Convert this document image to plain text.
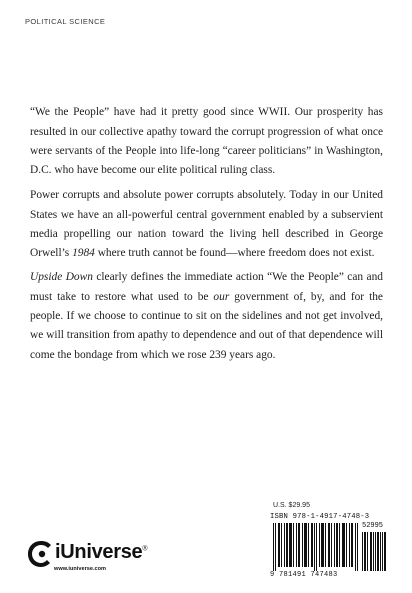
POLITICAL SCIENCE

“We the People” have had it pretty good since WWII. Our prosperity has resulted in our collective apathy toward the corrupt progression of what once were servants of the People into life-long “career politicians” in Washington, D.C. who have become our elite political ruling class.

Power corrupts and absolute power corrupts absolutely. Today in our United States we have an all-powerful central government enabled by a subservient media propelling our nation toward the living hell described in George Orwell’s 1984 where truth cannot be found—where freedom does not exist.

Upside Down clearly defines the immediate action “We the People” can and must take to restore what used to be our government of, by, and for the people. If we choose to continue to sit on the sidelines and not get involved, we will transition from apathy to dependence and out of that dependence will come the bondage from which we rose 239 years ago.

U.S. $29.95
ISBN 978-1-4917-4748-3
52995
9 781491 747483
iUniverse®
www.iuniverse.com
